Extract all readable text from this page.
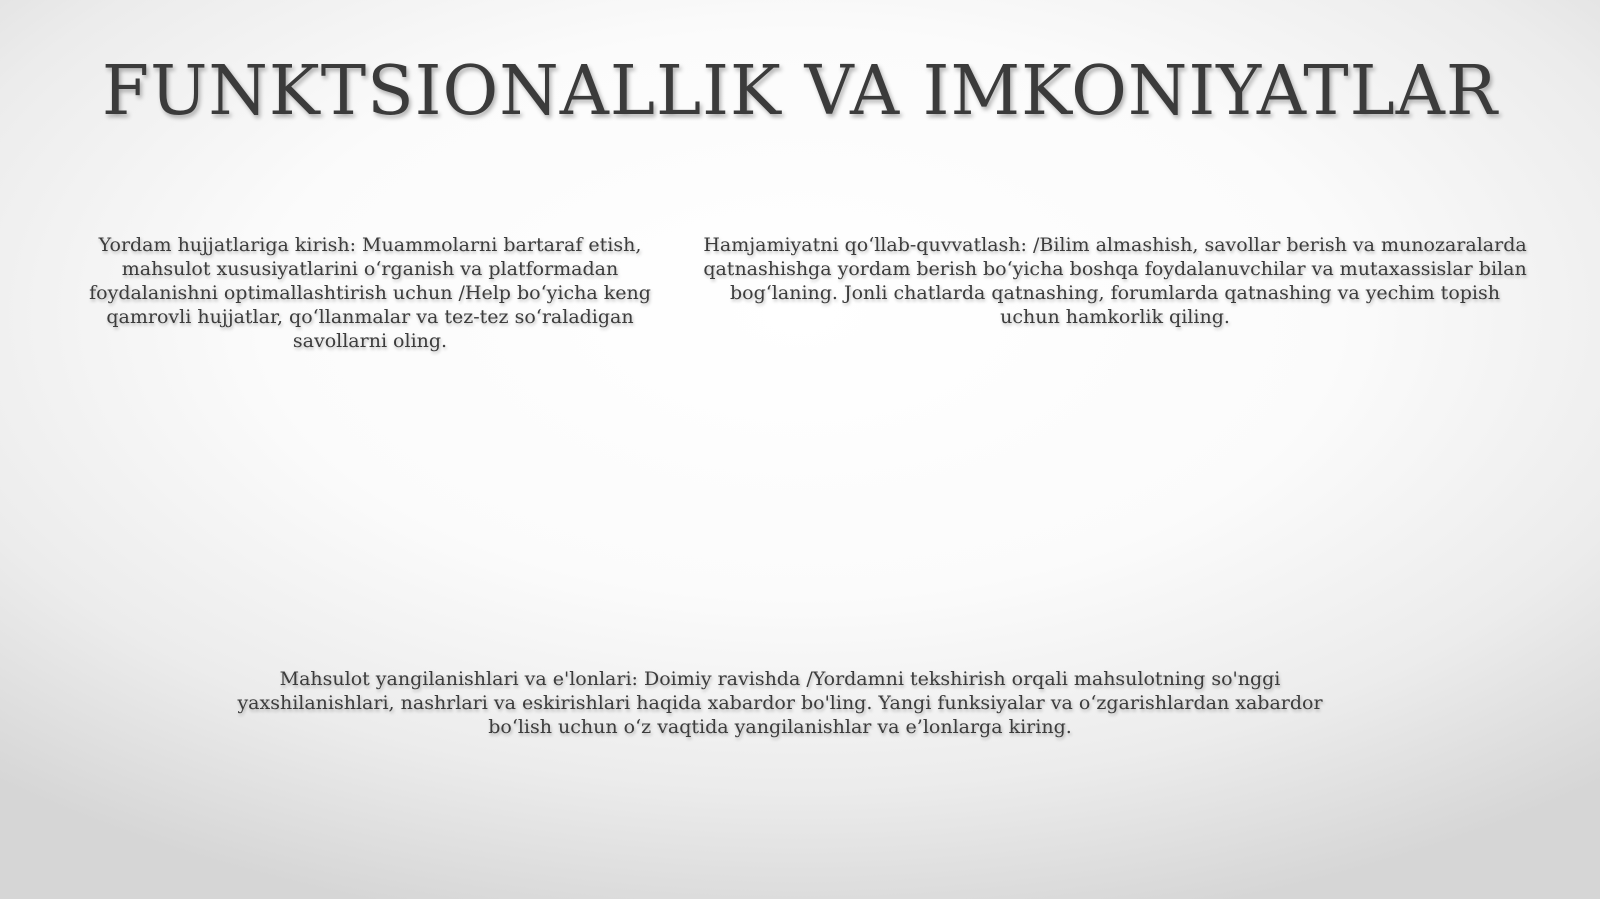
FUNKTSIONALLIK VA IMKONIYATLAR

Yordam hujjatlariga kirish: Muammolarni bartaraf etish, mahsulot xususiyatlarini o‘rganish va platformadan foydalanishni optimallashtirish uchun /Help bo‘yicha keng qamrovli hujjatlar, qo‘llanmalar va tez-tez so‘raladigan savollarni oling.

Hamjamiyatni qo‘llab-quvvatlash: /Bilim almashish, savollar berish va munozaralarda qatnashishga yordam berish bo‘yicha boshqa foydalanuvchilar va mutaxassislar bilan bog‘laning. Jonli chatlarda qatnashing, forumlarda qatnashing va yechim topish uchun hamkorlik qiling.

Mahsulot yangilanishlari va e'lonlari: Doimiy ravishda /Yordamni tekshirish orqali mahsulotning so'nggi yaxshilanishlari, nashrlari va eskirishlari haqida xabardor bo'ling. Yangi funksiyalar va o‘zgarishlardan xabardor bo‘lish uchun o‘z vaqtida yangilanishlar va e’lonlarga kiring.
